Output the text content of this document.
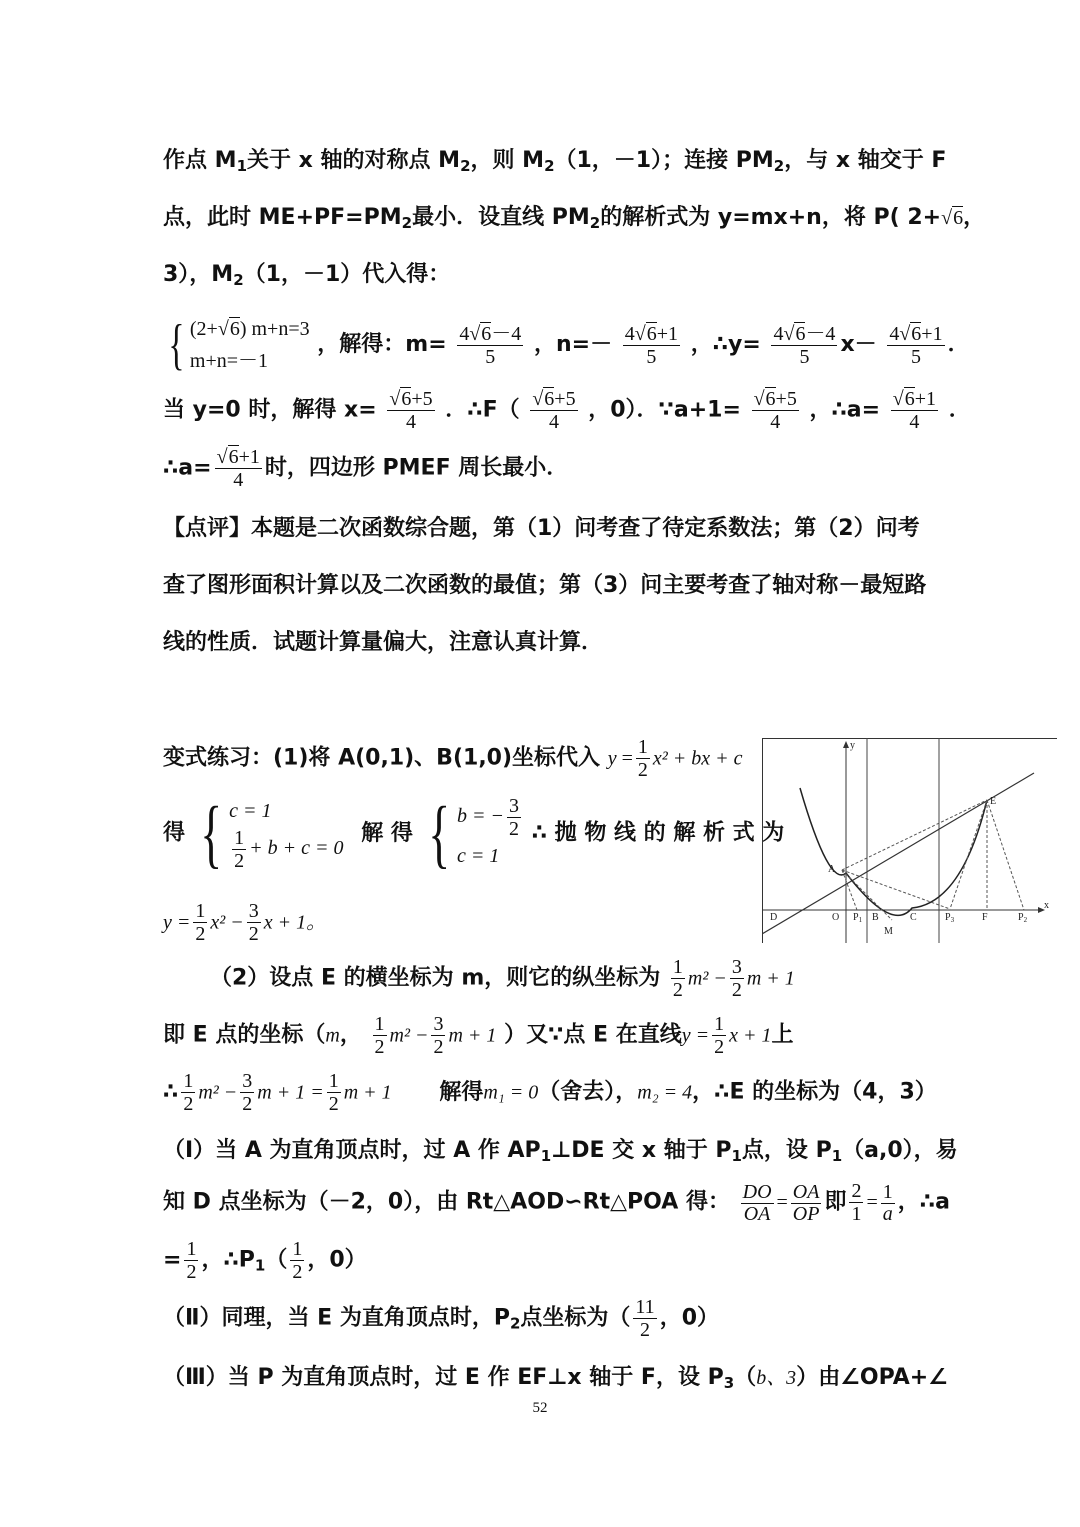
作点 $M_1$关于 x 轴的对称点 $M_2$，则 $M_2(1$，－1）；连接 $PM_2$，与 x 轴交于 F
点，此时 $ME+PF=PM_2$最小．设直线 $PM_2$的解析式为 y=mx+n，将 P( 2+√6，
3），$M_2(1$，－1）代入得：
{ (2+√6) m+n=3
m+n=－1
，解得：$m= \frac{4√6-4}{5}$ ，$n=- \frac{4√6+1}{5}$ ，∴y= $\frac{4√6-4}{5} x- \frac{4√6+1}{5}$ ．
当 y=0 时，解得 $x= \frac{√6+5}{4}$ ．∴F（ $\frac{√6+5}{4}$ ，0）．∵a+1= $\frac{√6+5}{4}$ ，∴a= $\frac{√6+1}{4}$ ．
∴a= $\frac{√6+1}{4}$ 时，四边形 PMEF 周长最小．
【点评】本题是二次函数综合题，第（1）问考查了待定系数法；第（2）问考
查了图形面积计算以及二次函数的最值；第（3）问主要考查了轴对称－最短路
线的性质．试题计算量偏大，注意认真计算．
变式练习：(1)将 A(0,1)、B(1,0)坐标代入 $y = \frac{1}{2} x^2$ + bx + c
得 { c = 1
$\frac{1}{2} + b + c = 0$
解 得 { b = − $\frac{3}{2}$
c = 1
∴ 抛 物 线 的 解 析 式 为
$y = \frac{1}{2} x^2 - \frac{3}{2}$ x + 1。
（2）设点 E 的横坐标为 m，则它的纵坐标为 $\frac{1}{2} m^2 - \frac{3}{2}$ m + 1
即 E 点的坐标（m， $\frac{1}{2} m^2 - \frac{3}{2}$ m + 1 ）又∵点 E 在直线$y = \frac{1}{2}$ x + 1上
∴ $\frac{1}{2} m^2 - \frac{3}{2}$ $m + 1 = \frac{1}{2}$ m + 1 解得m₁ = 0（舍去），m₂ = 4，∴E 的坐标为（4，3）
（Ⅰ）当 A 为直角顶点时，过 A 作 $AP_1\perp DE$ 交 x 轴于 $P_1$点，设 $P_1(a,0)$，易
知 D 点坐标为（－2，0），由 Rt△AOD∽Rt△POA 得： $\frac{DO}{OA} = \frac{OA}{OP}$ 即 $\frac{2}{1} = \frac{1}{a}$ ，∴a
= $\frac{1}{2}$ ，$\therefore P_1( \frac{1}{2}$ ，0）
（Ⅱ）同理，当 E 为直角顶点时，$P_2$点坐标为（ $\frac{11}{2}$ ，0）
（Ⅲ）当 P 为直角顶点时，过 E 作 EF⊥x 轴于 F，设 $P_3(b$、3）由∠OPA+∠
y
x
E
A
D	O $P_1$ B	C	$P_3$	F	$P_2$
M
52
